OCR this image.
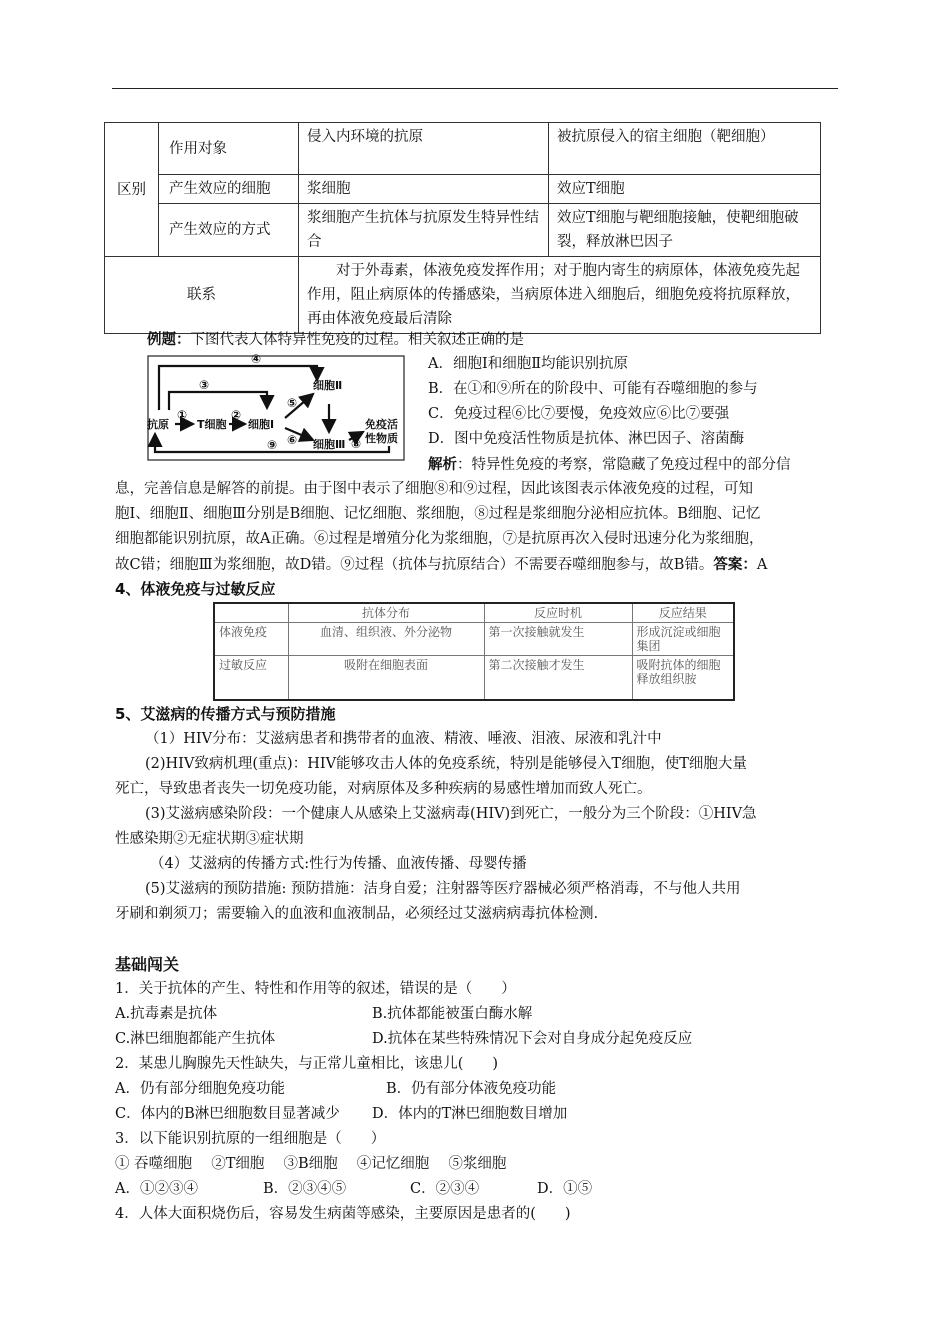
区别	作用对象	侵入内环境的抗原	被抗原侵入的宿主细胞（靶细胞）
	产生效应的细胞	浆细胞	效应T细胞
	产生效应的方式	浆细胞产生抗体与抗原发生特异性结合	效应T细胞与靶细胞接触，使靶细胞破裂，释放淋巴因子
联系		对于外毒素，体液免疫发挥作用；对于胞内寄生的病原体，体液免疫先起作用，阻止病原体的传播感染，当病原体进入细胞后，细胞免疫将抗原释放，再由体液免疫最后清除	
例题：下图代表人体特异性免疫的过程。相关叙述正确的是
抗原	T细胞 细胞Ⅰ
细胞Ⅱ
细胞Ⅲ
免疫活
性物质
④
③
①	②
⑤
⑥	⑧
⑨
A．细胞Ⅰ和细胞Ⅱ均能识别抗原
B．在①和⑨所在的阶段中、可能有吞噬细胞的参与
C．免疫过程⑥比⑦要慢，免疫效应⑥比⑦要强
D．图中免疫活性物质是抗体、淋巴因子、溶菌酶
解析：特异性免疫的考察，常隐藏了免疫过程中的部分信
息，完善信息是解答的前提。由于图中表示了细胞⑧和⑨过程，因此该图表示体液免疫的过程，可知
胞Ⅰ、细胞Ⅱ、细胞Ⅲ分别是B细胞、记忆细胞、浆细胞，⑧过程是浆细胞分泌相应抗体。B细胞、记忆
细胞都能识别抗原，故A正确。⑥过程是增殖分化为浆细胞，⑦是抗原再次入侵时迅速分化为浆细胞，
故C错；细胞Ⅲ为浆细胞，故D错。⑨过程（抗体与抗原结合）不需要吞噬细胞参与，故B错。答案：A
4、体液免疫与过敏反应
	抗体分布	反应时机	反应结果
体液免疫	血清、组织液、外分泌物	第一次接触就发生	形成沉淀或细胞集团
过敏反应	吸附在细胞表面	第二次接触才发生	吸附抗体的细胞释放组织胺
5、艾滋病的传播方式与预防措施
（1）HIV分布：艾滋病患者和携带者的血液、精液、唾液、泪液、尿液和乳汁中
(2)HIV致病机理(重点)：HIV能够攻击人体的免疫系统，特别是能够侵入T细胞，使T细胞大量
死亡，导致患者丧失一切免疫功能，对病原体及多种疾病的易感性增加而致人死亡。
(3)艾滋病感染阶段：一个健康人从感染上艾滋病毒(HIV)到死亡，一般分为三个阶段：①HIV急
性感染期②无症状期③症状期
（4）艾滋病的传播方式:性行为传播、血液传播、母婴传播
(5)艾滋病的预防措施: 预防措施：洁身自爱；注射器等医疗器械必须严格消毒，不与他人共用
牙刷和剃须刀；需要输入的血液和血液制品，必须经过艾滋病病毒抗体检测.
基础闯关
1．关于抗体的产生、特性和作用等的叙述，错误的是（　　）
A.抗毒素是抗体	B.抗体都能被蛋白酶水解
C.淋巴细胞都能产生抗体	D.抗体在某些特殊情况下会对自身成分起免疫反应
2．某患儿胸腺先天性缺失，与正常儿童相比，该患儿(　　)
A．仍有部分细胞免疫功能	B．仍有部分体液免疫功能
C．体内的B淋巴细胞数目显著减少 D．体内的T淋巴细胞数目增加
3．以下能识别抗原的一组细胞是（　　）
① 吞噬细胞　 ②T细胞　 ③B细胞　 ④记忆细胞　 ⑤浆细胞
A．①②③④	B．②③④⑤	C．②③④	D．①⑤
4．人体大面积烧伤后，容易发生病菌等感染，主要原因是患者的(　　)
